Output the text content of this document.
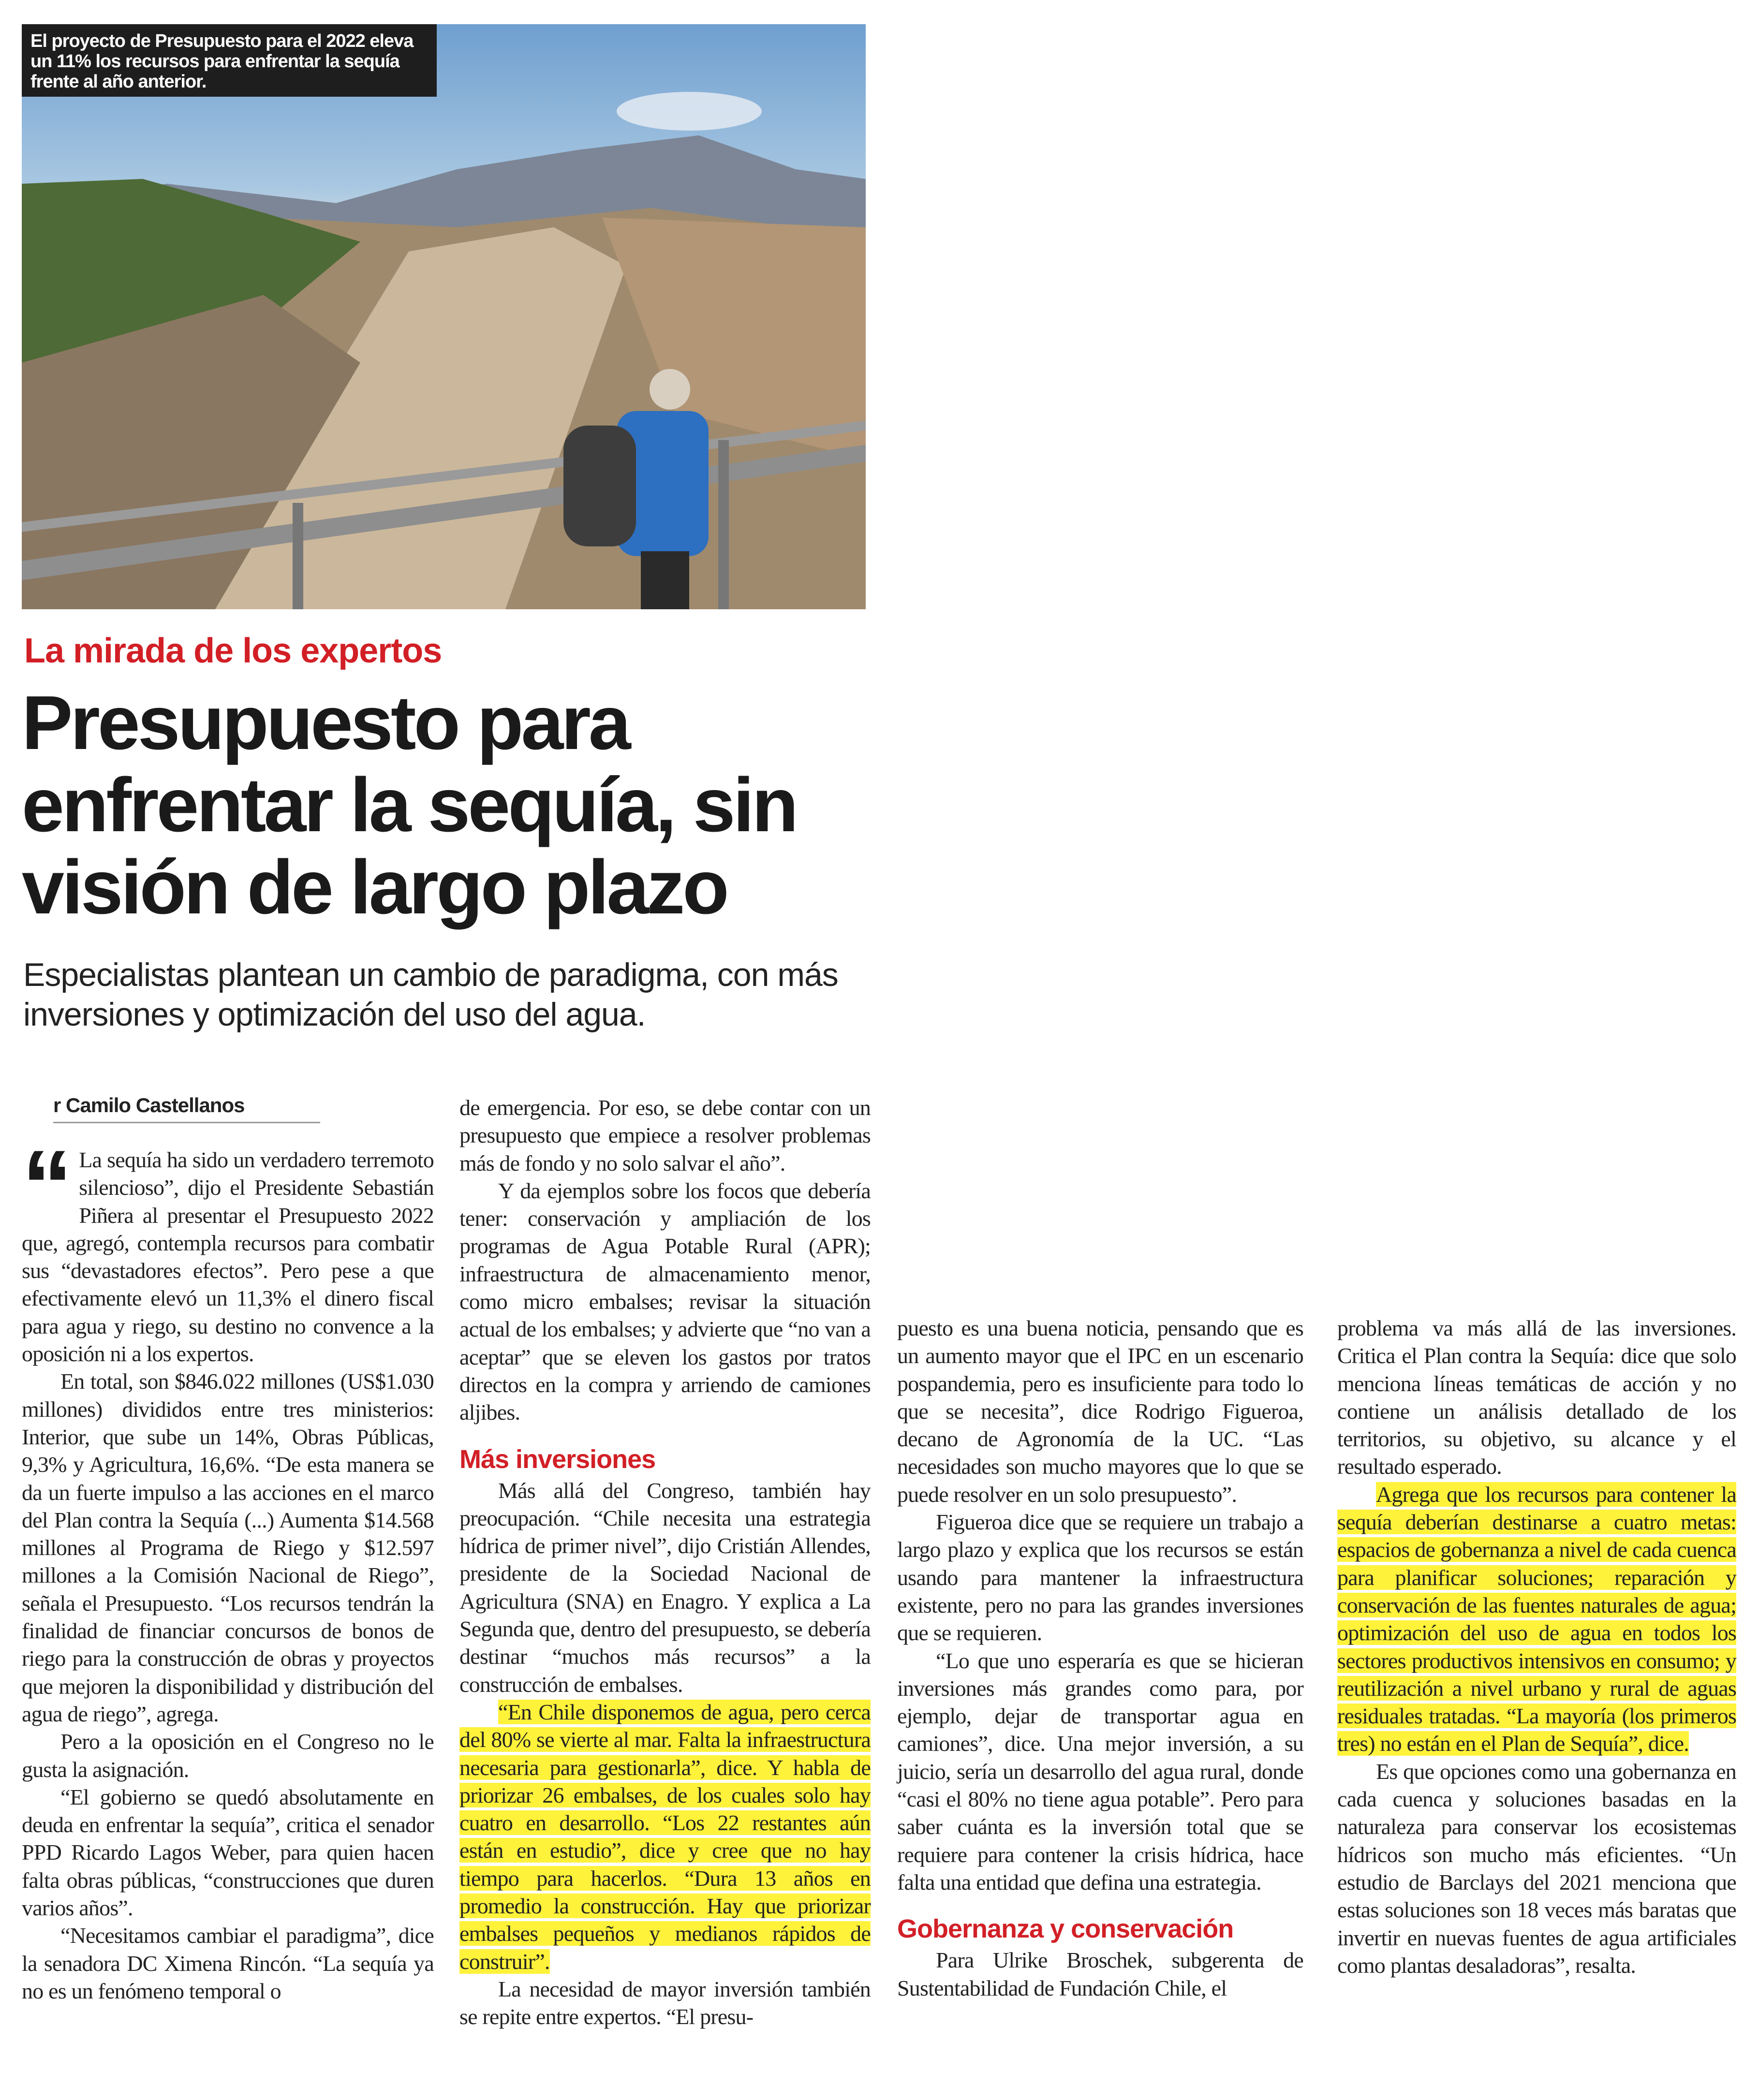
El proyecto de Presupuesto para el 2022 eleva un 11% los recursos para enfrentar la sequía frente al año anterior.
La mirada de los expertos
Presupuesto para enfrentar la sequía, sin visión de largo plazo
Especialistas plantean un cambio de paradigma, con más inversiones y optimización del uso del agua.
r Camilo Castellanos

“ La sequía ha sido un verdadero terremoto silencioso”, dijo el Presidente Sebastián Piñera al presentar el Presupuesto 2022 que, agregó, contempla recursos para combatir sus “devastadores efectos”. Pero pese a que efectivamente elevó un 11,3% el dinero fiscal para agua y riego, su destino no convence a la oposición ni a los expertos.

En total, son $846.022 millones (US$1.030 millones) divididos entre tres ministerios: Interior, que sube un 14%, Obras Públicas, 9,3% y Agricultura, 16,6%. “De esta manera se da un fuerte impulso a las acciones en el marco del Plan contra la Sequía (...) Aumenta $14.568 millones al Programa de Riego y $12.597 millones a la Comisión Nacional de Riego”, señala el Presupuesto. “Los recursos tendrán la finalidad de financiar concursos de bonos de riego para la construcción de obras y proyectos que mejoren la disponibilidad y distribución del agua de riego”, agrega.

Pero a la oposición en el Congreso no le gusta la asignación.

“El gobierno se quedó absolutamente en deuda en enfrentar la sequía”, critica el senador PPD Ricardo Lagos Weber, para quien hacen falta obras públicas, “construcciones que duren varios años”.

“Necesitamos cambiar el paradigma”, dice la senadora DC Ximena Rincón. “La sequía ya no es un fenómeno temporal o

de emergencia. Por eso, se debe contar con un presupuesto que empiece a resolver problemas más de fondo y no solo salvar el año”.

Y da ejemplos sobre los focos que debería tener: conservación y ampliación de los programas de Agua Potable Rural (APR); infraestructura de almacenamiento menor, como micro embalses; revisar la situación actual de los embalses; y advierte que “no van a aceptar” que se eleven los gastos por tratos directos en la compra y arriendo de camiones aljibes.

Más inversiones

Más allá del Congreso, también hay preocupación. “Chile necesita una estrategia hídrica de primer nivel”, dijo Cristián Allendes, presidente de la Sociedad Nacional de Agricultura (SNA) en Enagro. Y explica a La Segunda que, dentro del presupuesto, se debería destinar “muchos más recursos” a la construcción de embalses.

“En Chile disponemos de agua, pero cerca del 80% se vierte al mar. Falta la infraestructura necesaria para gestionarla”, dice. Y habla de priorizar 26 embalses, de los cuales solo hay cuatro en desarrollo. “Los 22 restantes aún están en estudio”, dice y cree que no hay tiempo para hacerlos. “Dura 13 años en promedio la construcción. Hay que priorizar embalses pequeños y medianos rápidos de construir”.

La necesidad de mayor inversión también se repite entre expertos. “El presu-

puesto es una buena noticia, pensando que es un aumento mayor que el IPC en un escenario pospandemia, pero es insuficiente para todo lo que se necesita”, dice Rodrigo Figueroa, decano de Agronomía de la UC. “Las necesidades son mucho mayores que lo que se puede resolver en un solo presupuesto”.

Figueroa dice que se requiere un trabajo a largo plazo y explica que los recursos se están usando para mantener la infraestructura existente, pero no para las grandes inversiones que se requieren.

“Lo que uno esperaría es que se hicieran inversiones más grandes como para, por ejemplo, dejar de transportar agua en camiones”, dice. Una mejor inversión, a su juicio, sería un desarrollo del agua rural, donde “casi el 80% no tiene agua potable”. Pero para saber cuánta es la inversión total que se requiere para contener la crisis hídrica, hace falta una entidad que defina una estrategia.

Gobernanza y conservación

Para Ulrike Broschek, subgerenta de Sustentabilidad de Fundación Chile, el

problema va más allá de las inversiones. Critica el Plan contra la Sequía: dice que solo menciona líneas temáticas de acción y no contiene un análisis detallado de los territorios, su objetivo, su alcance y el resultado esperado.

Agrega que los recursos para contener la sequía deberían destinarse a cuatro metas: espacios de gobernanza a nivel de cada cuenca para planificar soluciones; reparación y conservación de las fuentes naturales de agua; optimización del uso de agua en todos los sectores productivos intensivos en consumo; y reutilización a nivel urbano y rural de aguas residuales tratadas. “La mayoría (los primeros tres) no están en el Plan de Sequía”, dice.

Es que opciones como una gobernanza en cada cuenca y soluciones basadas en la naturaleza para conservar los ecosistemas hídricos son mucho más eficientes. “Un estudio de Barclays del 2021 menciona que estas soluciones son 18 veces más baratas que invertir en nuevas fuentes de agua artificiales como plantas desaladoras”, resalta.
